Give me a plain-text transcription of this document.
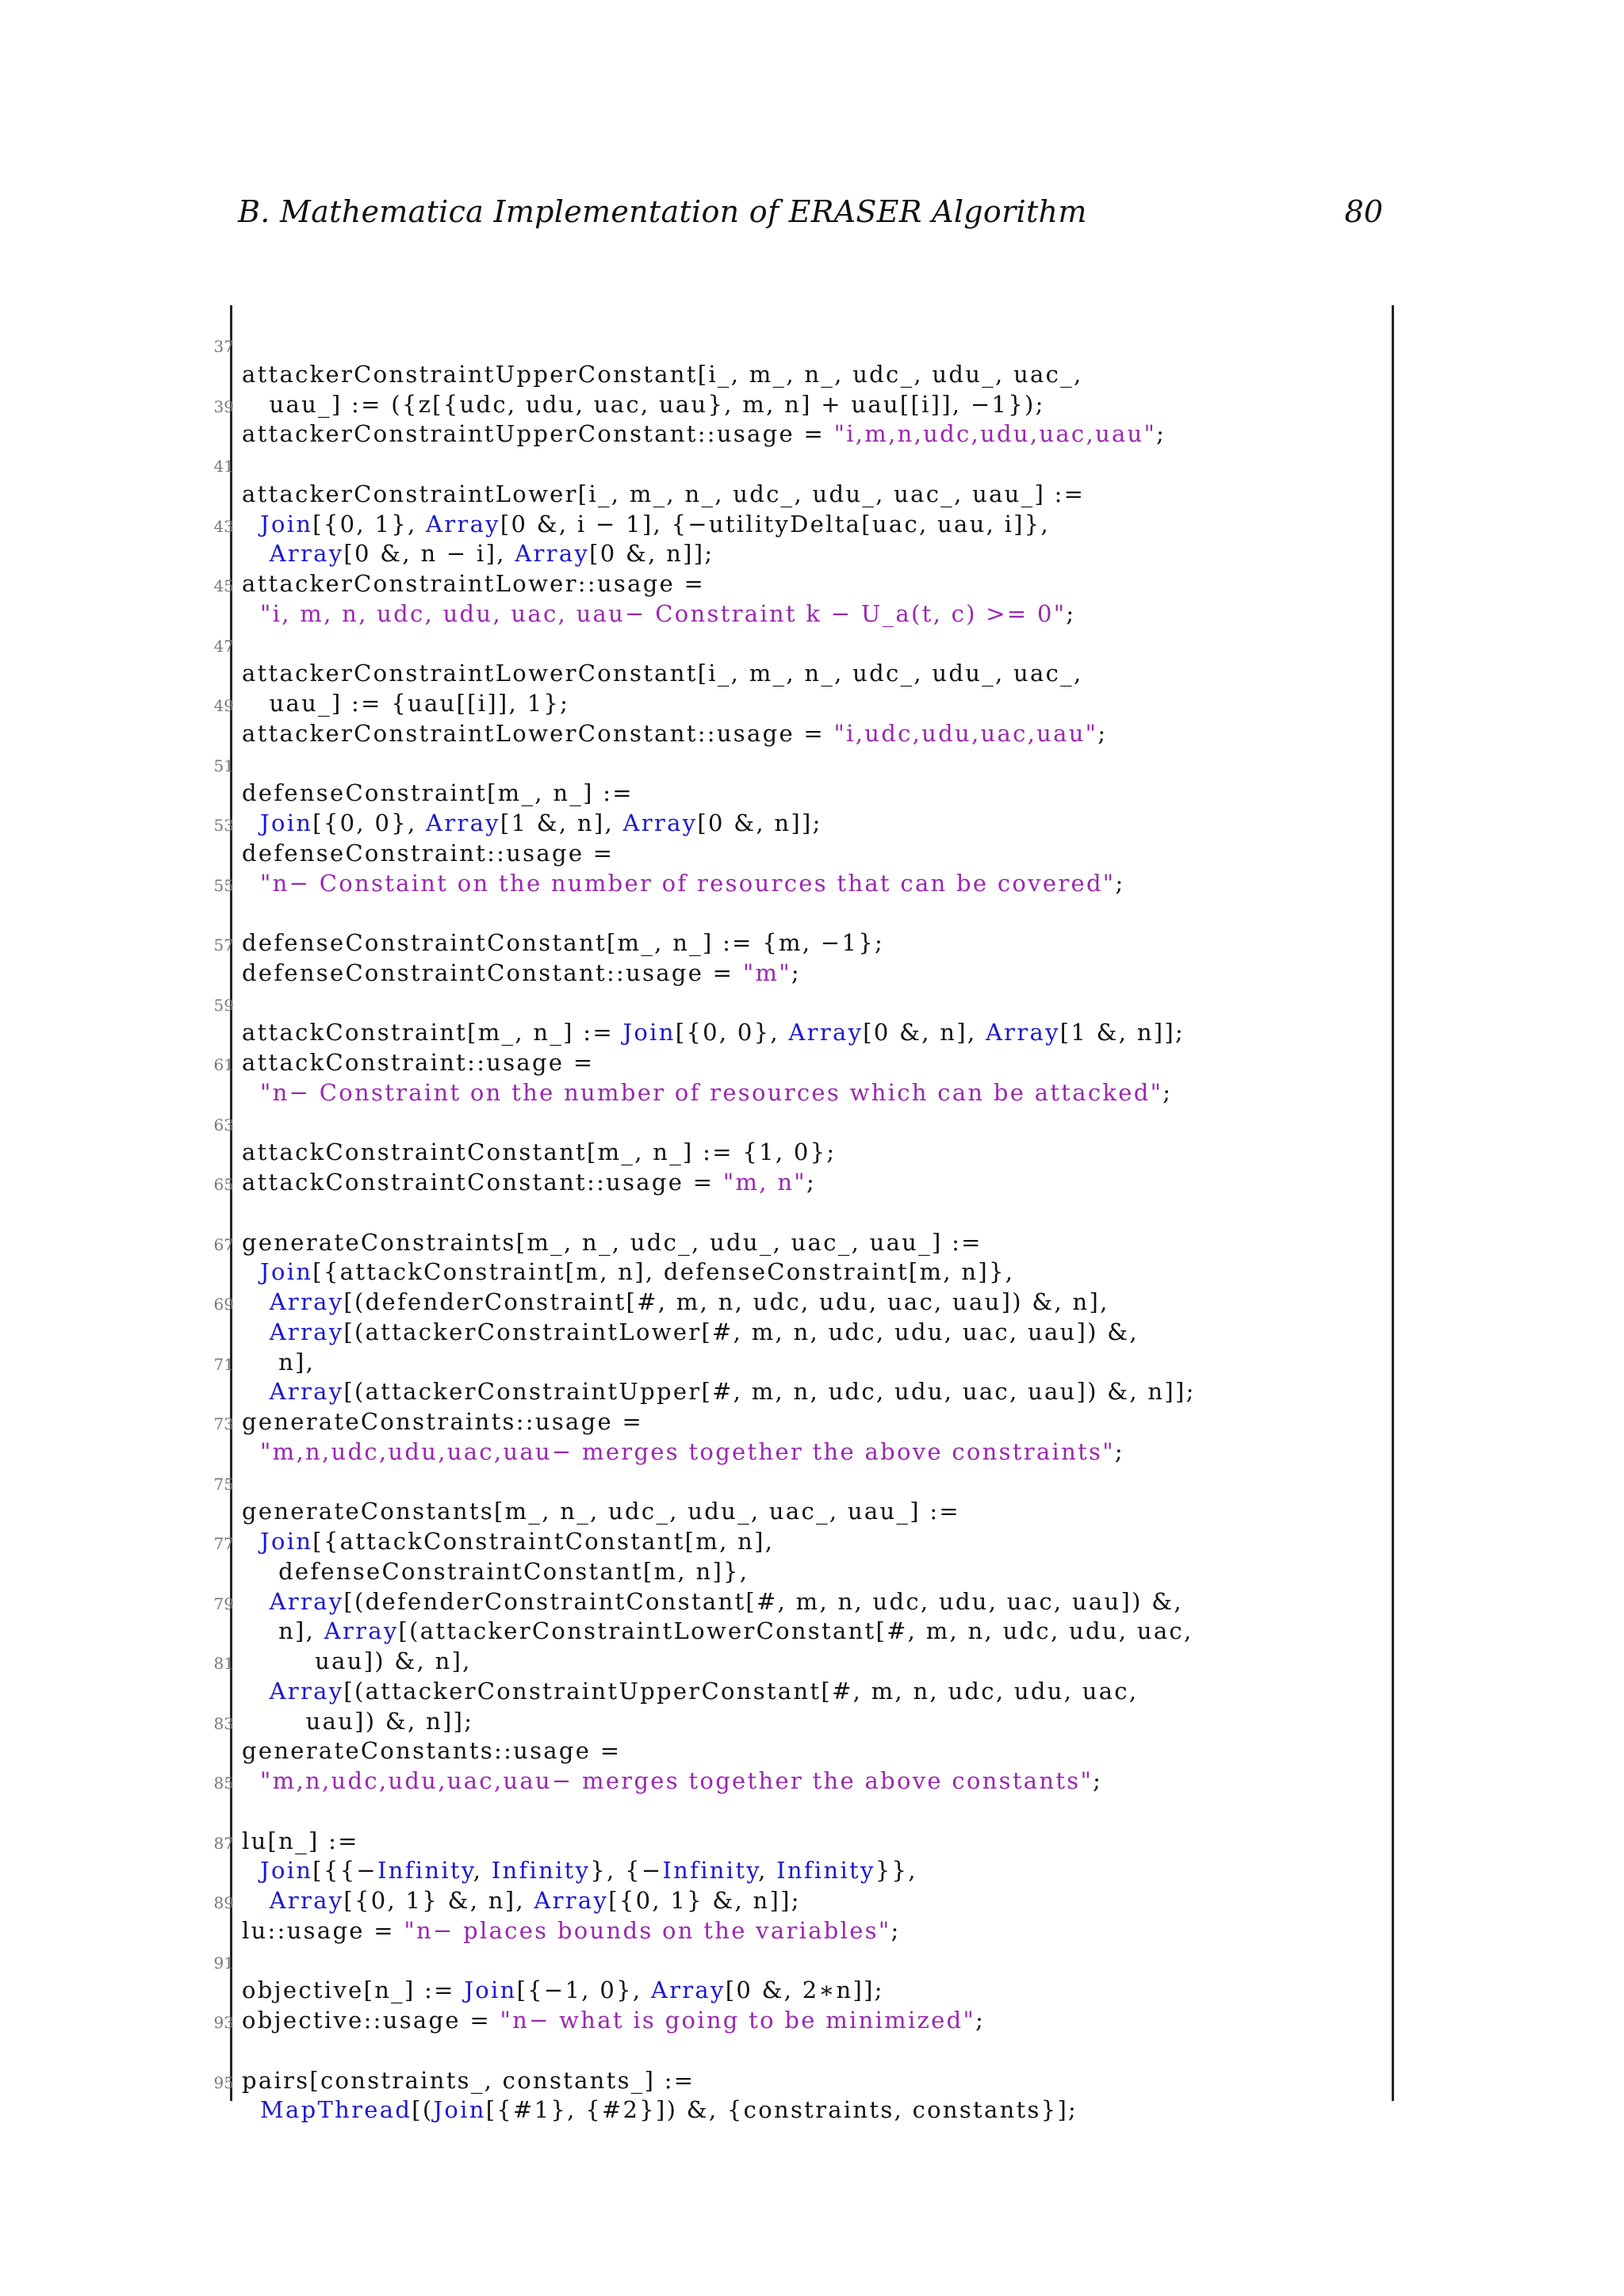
B. Mathematica Implementation of ERASER Algorithm	80
37
attackerConstraintUpperConstant[i_, m_, n_, udc_, udu_, uac_,
39 uau_] := ({z[{udc, udu, uac, uau}, m, n] + uau[[i]], −1});
attackerConstraintUpperConstant::usage = "i,m,n,udc,udu,uac,uau";
41
attackerConstraintLower[i_, m_, n_, udc_, udu_, uac_, uau_] :=
43	Join[{0, 1}, Array[0 &, i − 1], {−utilityDelta[uac, uau, i]},
Array[0 &, n − i], Array[0 &, n]];
45 attackerConstraintLower::usage =
"i, m, n, udc, udu, uac, uau− Constraint k − U_a(t, c) >= 0";
47
attackerConstraintLowerConstant[i_, m_, n_, udc_, udu_, uac_,
49 uau_] := {uau[[i]], 1};
attackerConstraintLowerConstant::usage = "i,udc,udu,uac,uau";
51
defenseConstraint[m_, n_] :=
53	Join[{0, 0}, Array[1 &, n], Array[0 &, n]];
defenseConstraint::usage =
55	"n− Constaint on the number of resources that can be covered";
57 defenseConstraintConstant[m_, n_] := {m, −1};
defenseConstraintConstant::usage = "m";
59
attackConstraint[m_, n_] := Join[{0, 0}, Array[0 &, n], Array[1 &, n]];
61 attackConstraint::usage =
"n− Constraint on the number of resources which can be attacked";
63
attackConstraintConstant[m_, n_] := {1, 0};
65 attackConstraintConstant::usage = "m, n";
67 generateConstraints[m_, n_, udc_, udu_, uac_, uau_] :=
Join[{attackConstraint[m, n], defenseConstraint[m, n]},
69	Array[(defenderConstraint[#, m, n, udc, udu, uac, uau]) &, n],
Array[(attackerConstraintLower[#, m, n, udc, udu, uac, uau]) &,
71 n],
Array[(attackerConstraintUpper[#, m, n, udc, udu, uac, uau]) &, n]];
73 generateConstraints::usage =
"m,n,udc,udu,uac,uau− merges together the above constraints";
75
generateConstants[m_, n_, udc_, udu_, uac_, uau_] :=
77	Join[{attackConstraintConstant[m, n],
defenseConstraintConstant[m, n]},
79	Array[(defenderConstraintConstant[#, m, n, udc, udu, uac, uau]) &,
n], Array[(attackerConstraintLowerConstant[#, m, n, udc, udu, uac,
81 uau]) &, n],
Array[(attackerConstraintUpperConstant[#, m, n, udc, udu, uac,
83 uau]) &, n]];
generateConstants::usage =
85	"m,n,udc,udu,uac,uau− merges together the above constants";
87 lu[n_] :=
Join[{{−Infinity, Infinity}, {−Infinity, Infinity}},
89	Array[{0, 1} &, n], Array[{0, 1} &, n]];
lu::usage = "n− places bounds on the variables";
91
objective[n_] := Join[{−1, 0}, Array[0 &, 2∗n]];
93 objective::usage = "n− what is going to be minimized";
95 pairs[constraints_, constants_] :=
MapThread[(Join[{#1}, {#2}]) &, {constraints, constants}];
